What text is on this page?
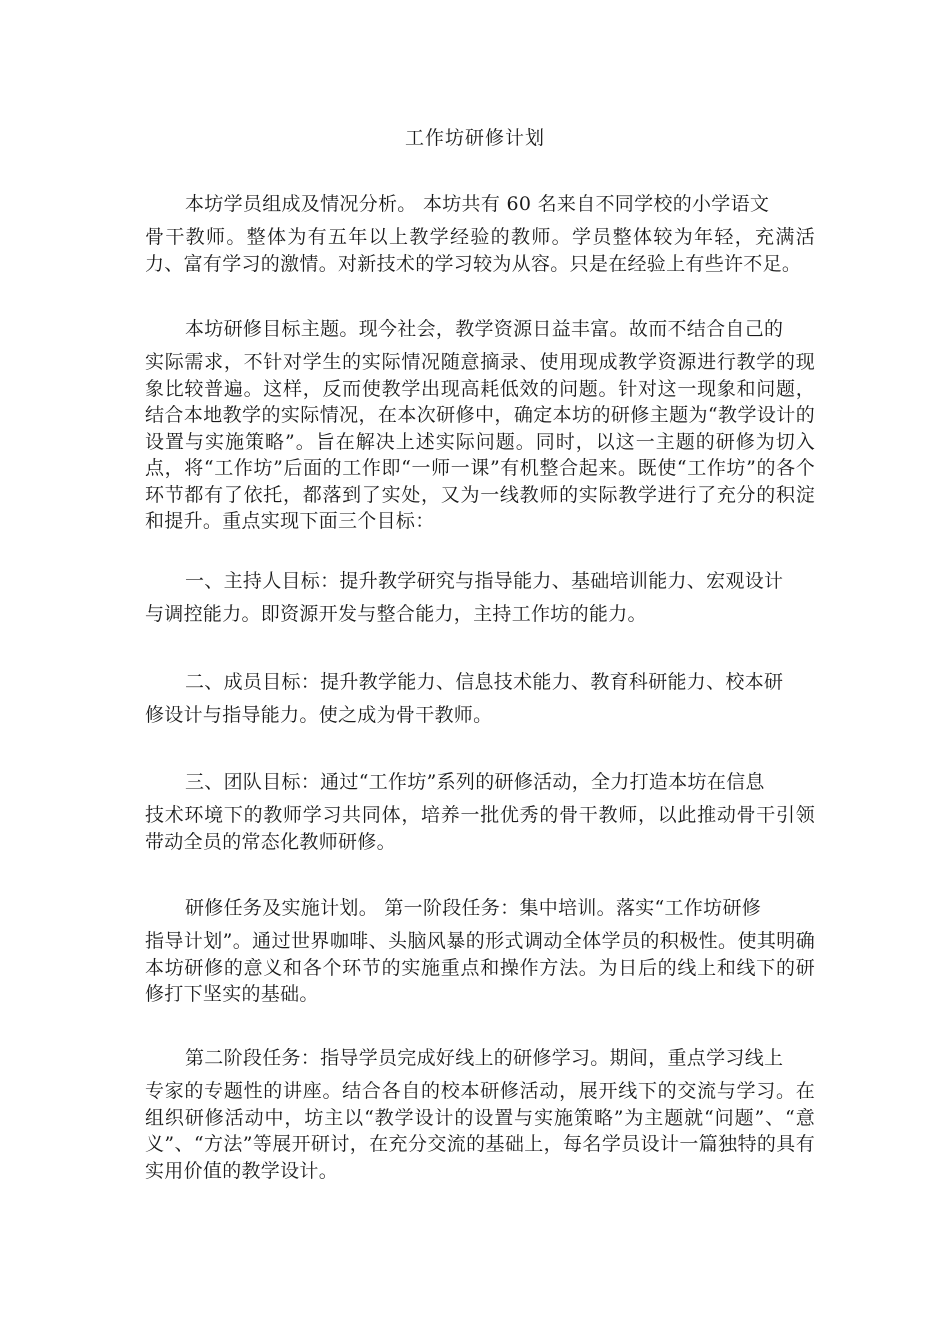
工作坊研修计划

本坊学员组成及情况分析。 本坊共有 60 名来自不同学校的小学语文
骨干教师。整体为有五年以上教学经验的教师。学员整体较为年轻，充满活力、富有学习的激情。对新技术的学习较为从容。只是在经验上有些许不足。

本坊研修目标主题。现今社会，教学资源日益丰富。故而不结合自己的
实际需求，不针对学生的实际情况随意摘录、使用现成教学资源进行教学的现象比较普遍。这样，反而使教学出现高耗低效的问题。针对这一现象和问题，结合本地教学的实际情况，在本次研修中，确定本坊的研修主题为“教学设计的设置与实施策略”。旨在解决上述实际问题。同时，以这一主题的研修为切入点，将“工作坊”后面的工作即“一师一课”有机整合起来。既使“工作坊”的各个环节都有了依托，都落到了实处，又为一线教师的实际教学进行了充分的积淀和提升。重点实现下面三个目标：

一、主持人目标：提升教学研究与指导能力、基础培训能力、宏观设计
与调控能力。即资源开发与整合能力，主持工作坊的能力。

二、成员目标：提升教学能力、信息技术能力、教育科研能力、校本研
修设计与指导能力。使之成为骨干教师。

三、团队目标：通过“工作坊”系列的研修活动，全力打造本坊在信息
技术环境下的教师学习共同体，培养一批优秀的骨干教师，以此推动骨干引领带动全员的常态化教师研修。

研修任务及实施计划。 第一阶段任务：集中培训。落实“工作坊研修
指导计划”。通过世界咖啡、头脑风暴的形式调动全体学员的积极性。使其明确本坊研修的意义和各个环节的实施重点和操作方法。为日后的线上和线下的研修打下坚实的基础。

第二阶段任务：指导学员完成好线上的研修学习。期间，重点学习线上
专家的专题性的讲座。结合各自的校本研修活动，展开线下的交流与学习。在组织研修活动中，坊主以“教学设计的设置与实施策略”为主题就“问题”、“意义”、“方法”等展开研讨，在充分交流的基础上，每名学员设计一篇独特的具有实用价值的教学设计。
